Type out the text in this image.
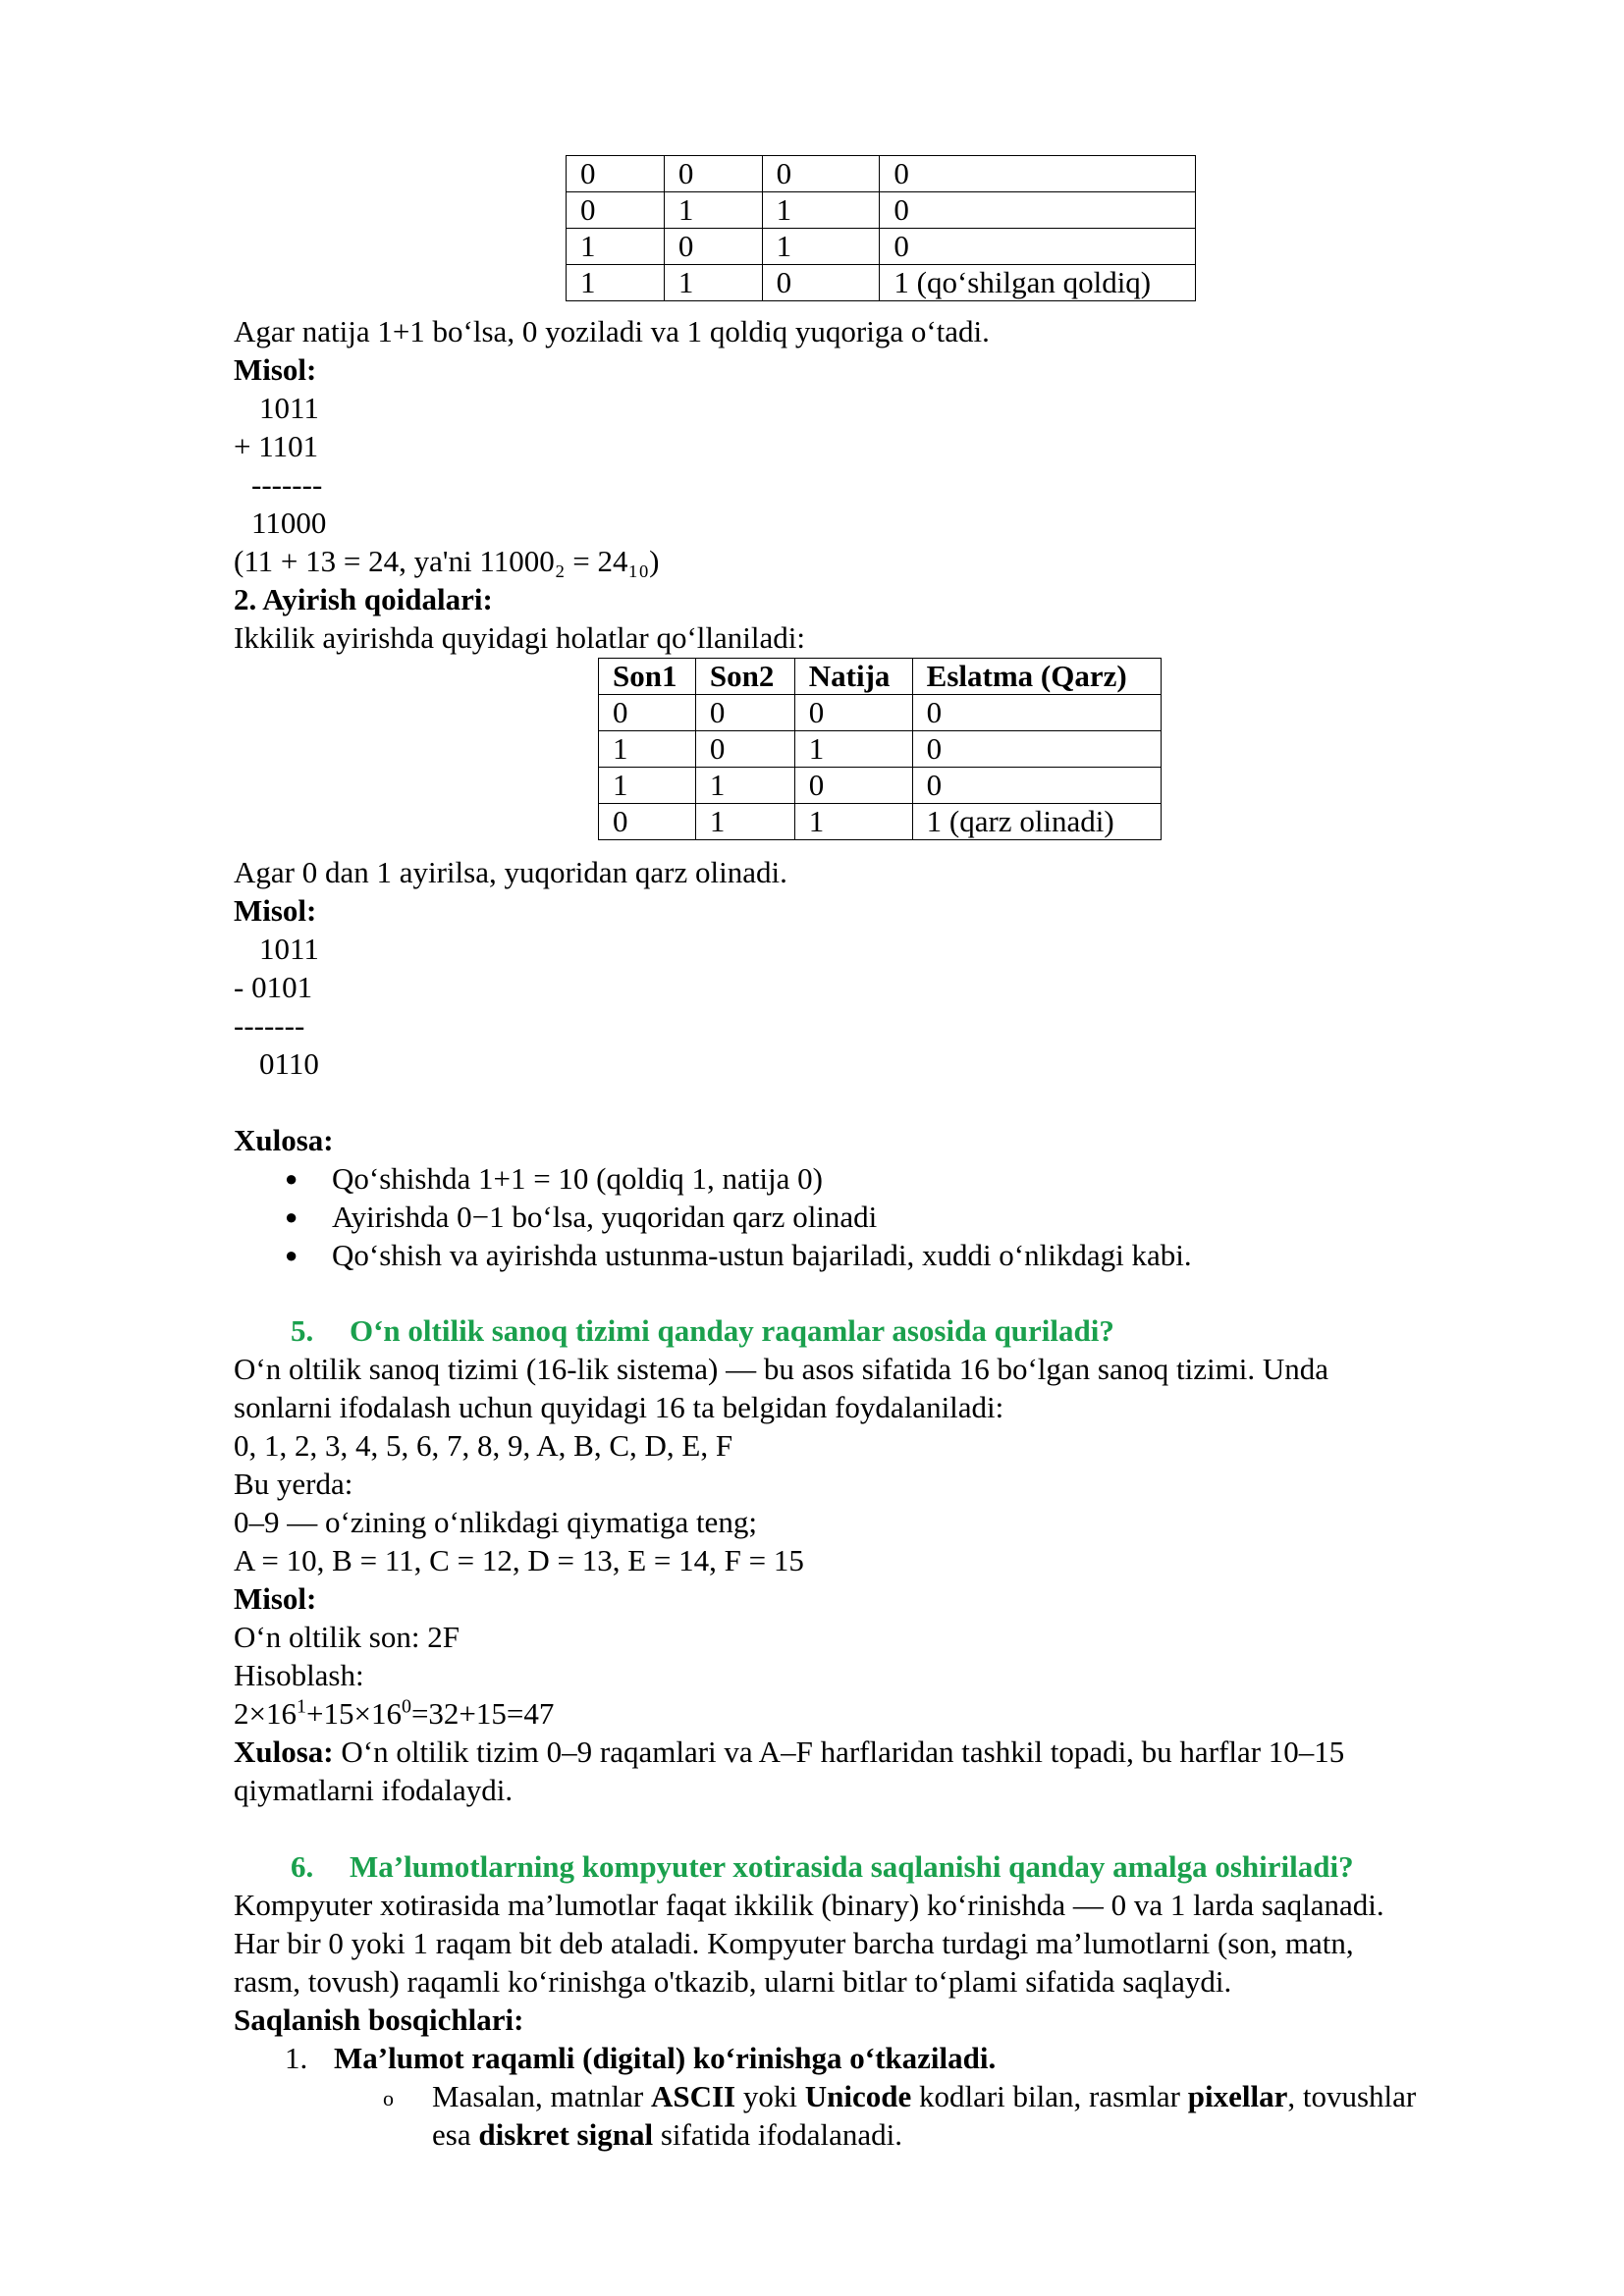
0	0	0	0
0	1	1	0
1	0	1	0
1	1	0	1 (qo‘shilgan qoldiq)
Agar natija 1+1 bo‘lsa, 0 yoziladi va 1 qoldiq yuqoriga o‘tadi.
Misol:
1011
+ 1101
-------
11000
(11 + 13 = 24, ya'ni 11000₂ = 24₁₀)
2. Ayirish qoidalari:
Ikkilik ayirishda quyidagi holatlar qo‘llaniladi:
Son1	Son2	Natija	Eslatma (Qarz)
0	0	0	0
1	0	1	0
1	1	0	0
0	1	1	1 (qarz olinadi)
Agar 0 dan 1 ayirilsa, yuqoridan qarz olinadi.
Misol:
1011
- 0101
-------
0110
Xulosa:
● Qo‘shishda 1+1 = 10 (qoldiq 1, natija 0)
● Ayirishda 0−1 bo‘lsa, yuqoridan qarz olinadi
● Qo‘shish va ayirishda ustunma-ustun bajariladi, xuddi o‘nlikdagi kabi.
5. O‘n oltilik sanoq tizimi qanday raqamlar asosida quriladi?
O‘n oltilik sanoq tizimi (16-lik sistema) — bu asos sifatida 16 bo‘lgan sanoq tizimi. Unda
sonlarni ifodalash uchun quyidagi 16 ta belgidan foydalaniladi:
0, 1, 2, 3, 4, 5, 6, 7, 8, 9, A, B, C, D, E, F
Bu yerda:
0–9 — o‘zining o‘nlikdagi qiymatiga teng;
A = 10, B = 11, C = 12, D = 13, E = 14, F = 15
Misol:
O‘n oltilik son: 2F
Hisoblash:
$2\times 16^1+15\times 16^0=32+15=47$
Xulosa: O‘n oltilik tizim 0–9 raqamlari va A–F harflaridan tashkil topadi, bu harflar 10–15
qiymatlarni ifodalaydi.
6. Ma’lumotlarning kompyuter xotirasida saqlanishi qanday amalga oshiriladi?
Kompyuter xotirasida ma’lumotlar faqat ikkilik (binary) ko‘rinishda — 0 va 1 larda saqlanadi.
Har bir 0 yoki 1 raqam bit deb ataladi. Kompyuter barcha turdagi ma’lumotlarni (son, matn,
rasm, tovush) raqamli ko‘rinishga o'tkazib, ularni bitlar to‘plami sifatida saqlaydi.
Saqlanish bosqichlari:
1. Ma’lumot raqamli (digital) ko‘rinishga o‘tkaziladi.
o Masalan, matnlar ASCII yoki Unicode kodlari bilan, rasmlar pixellar, tovushlar
esa diskret signal sifatida ifodalanadi.
